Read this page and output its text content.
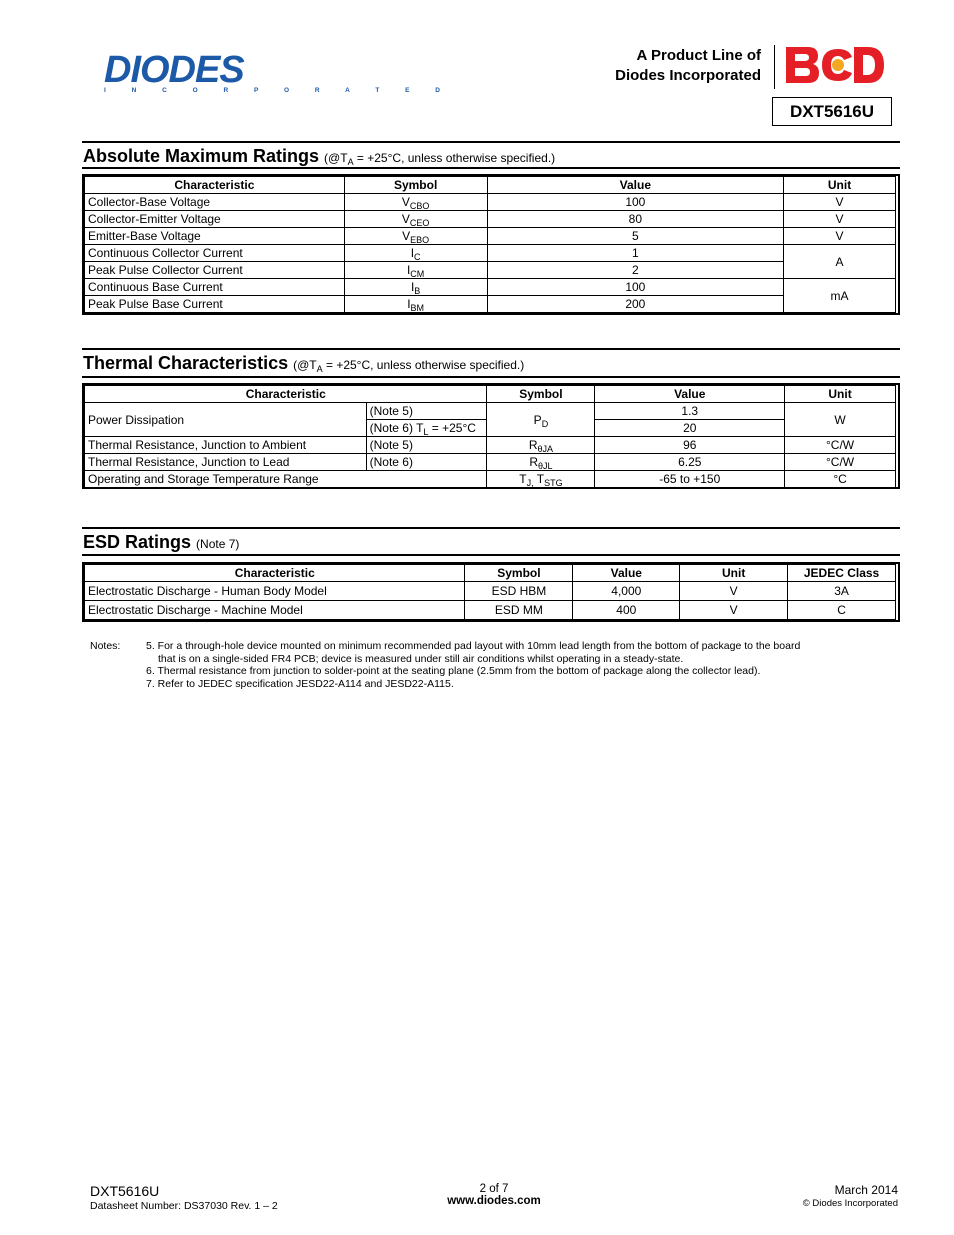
DIODES
I N C O R P O R A T E D
A Product Line of
Diodes Incorporated
DXT5616U
Absolute Maximum Ratings ($@T_A = +25^\circ C$, unless otherwise specified.)
Characteristic	Symbol	Value	Unit
Collector-Base Voltage	$V_{CBO}$	100	V
Collector-Emitter Voltage	$V_{CEO}$	80	V
Emitter-Base Voltage	$V_{EBO}$	5	V
Continuous Collector Current	$I_C$	1	A
Peak Pulse Collector Current	$I_{CM}$	2	
Continuous Base Current	$I_B$	100	mA
Peak Pulse Base Current	$I_{BM}$	200	
Thermal Characteristics ($@T_A = +25^\circ C$, unless otherwise specified.)
Characteristic		Symbol	Value	Unit
Power Dissipation	(Note 5)	$P_D$	1.3	W
	(Note 6) $T_L = +25^\circ C$		20	
Thermal Resistance, Junction to Ambient	(Note 5)	$R_{\theta JA}$	96	°C/W
Thermal Resistance, Junction to Lead	(Note 6)	$R_{\theta JL}$	6.25	°C/W
Operating and Storage Temperature Range		$T_{J,}$ $T_{STG}$	-65 to +150	°C
ESD Ratings (Note 7)
Characteristic	Symbol	Value	Unit	JEDEC Class
Electrostatic Discharge - Human Body Model	ESD HBM	4,000	V	3A
Electrostatic Discharge - Machine Model	ESD MM	400	V	C
Notes: 5. For a through-hole device mounted on minimum recommended pad layout with 10mm lead length from the bottom of package to the board
that is on a single-sided FR4 PCB; device is measured under still air conditions whilst operating in a steady-state.
6. Thermal resistance from junction to solder-point at the seating plane (2.5mm from the bottom of package along the collector lead).
7. Refer to JEDEC specification JESD22-A114 and JESD22-A115.
DXT5616U
Datasheet Number: DS37030 Rev. 1 – 2
2 of 7
www.diodes.com
March 2014
© Diodes Incorporated
